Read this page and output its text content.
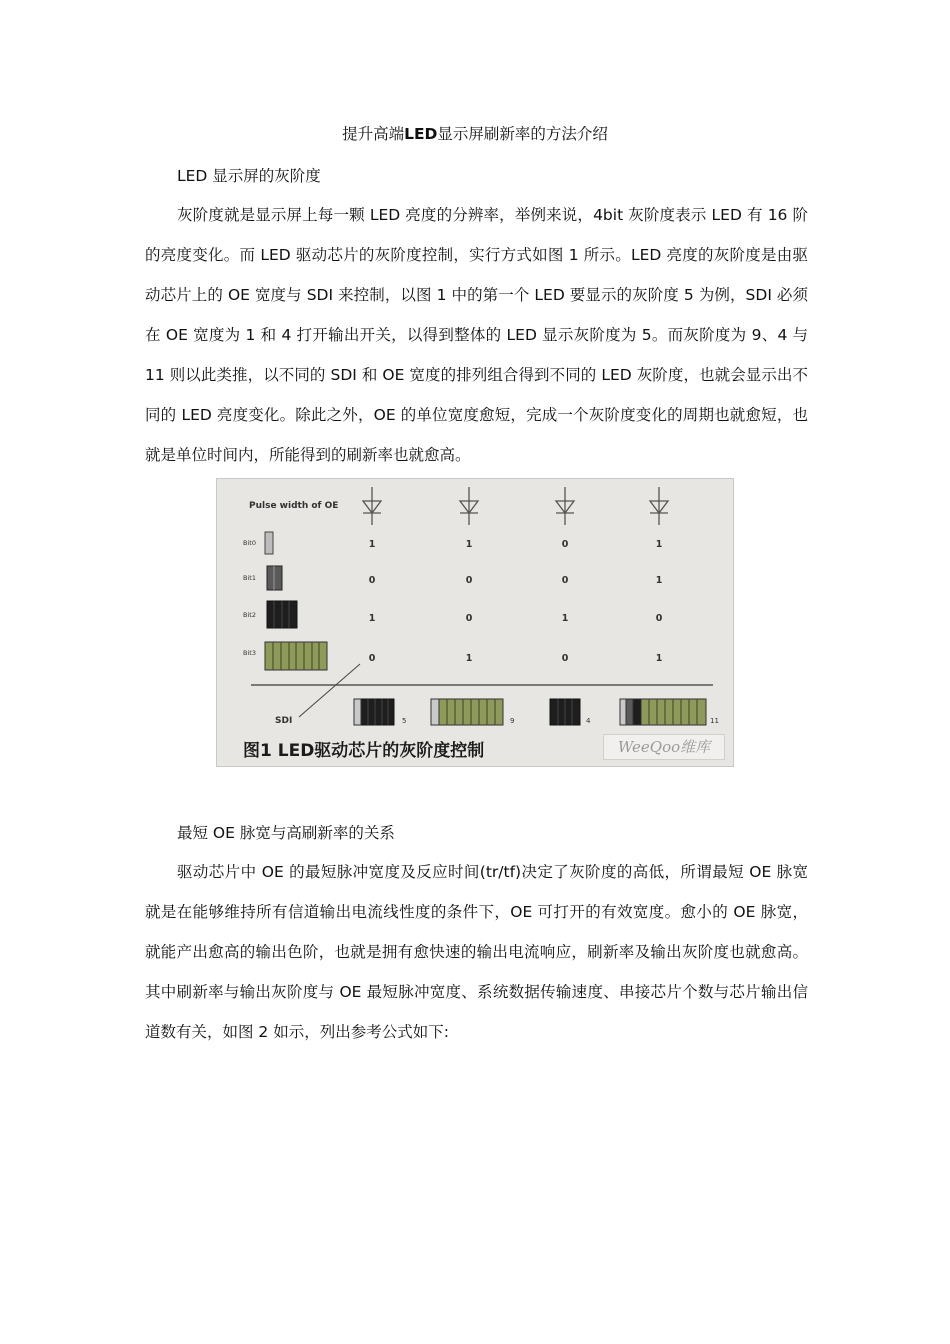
提升高端LED显示屏刷新率的方法介绍
LED 显示屏的灰阶度
灰阶度就是显示屏上每一颗 LED 亮度的分辨率，举例来说，4bit 灰阶度表示 LED 有 16 阶的亮度变化。而 LED 驱动芯片的灰阶度控制，实行方式如图 1 所示。LED 亮度的灰阶度是由驱动芯片上的 OE 宽度与 SDI 来控制，以图 1 中的第一个 LED 要显示的灰阶度 5 为例，SDI 必须在 OE 宽度为 1 和 4 打开输出开关，以得到整体的 LED 显示灰阶度为 5。而灰阶度为 9、4 与 11 则以此类推，以不同的 SDI 和 OE 宽度的排列组合得到不同的 LED 灰阶度，也就会显示出不同的 LED 亮度变化。除此之外，OE 的单位宽度愈短，完成一个灰阶度变化的周期也就愈短，也就是单位时间内，所能得到的刷新率也就愈高。
Pulse width of OE
Bit0
Bit1
Bit2
Bit3
1	1	0	1
0	0	0	1
1	0	1	0
0	1	0	1
SDI	5	9	4	11
图1 LED驱动芯片的灰阶度控制	WeeQoo维库
最短 OE 脉宽与高刷新率的关系
驱动芯片中 OE 的最短脉冲宽度及反应时间(tr/tf)决定了灰阶度的高低，所谓最短 OE 脉宽就是在能够维持所有信道输出电流线性度的条件下，OE 可打开的有效宽度。愈小的 OE 脉宽，就能产出愈高的输出色阶，也就是拥有愈快速的输出电流响应，刷新率及输出灰阶度也就愈高。其中刷新率与输出灰阶度与 OE 最短脉冲宽度、系统数据传输速度、串接芯片个数与芯片输出信道数有关，如图 2 如示，列出参考公式如下:
